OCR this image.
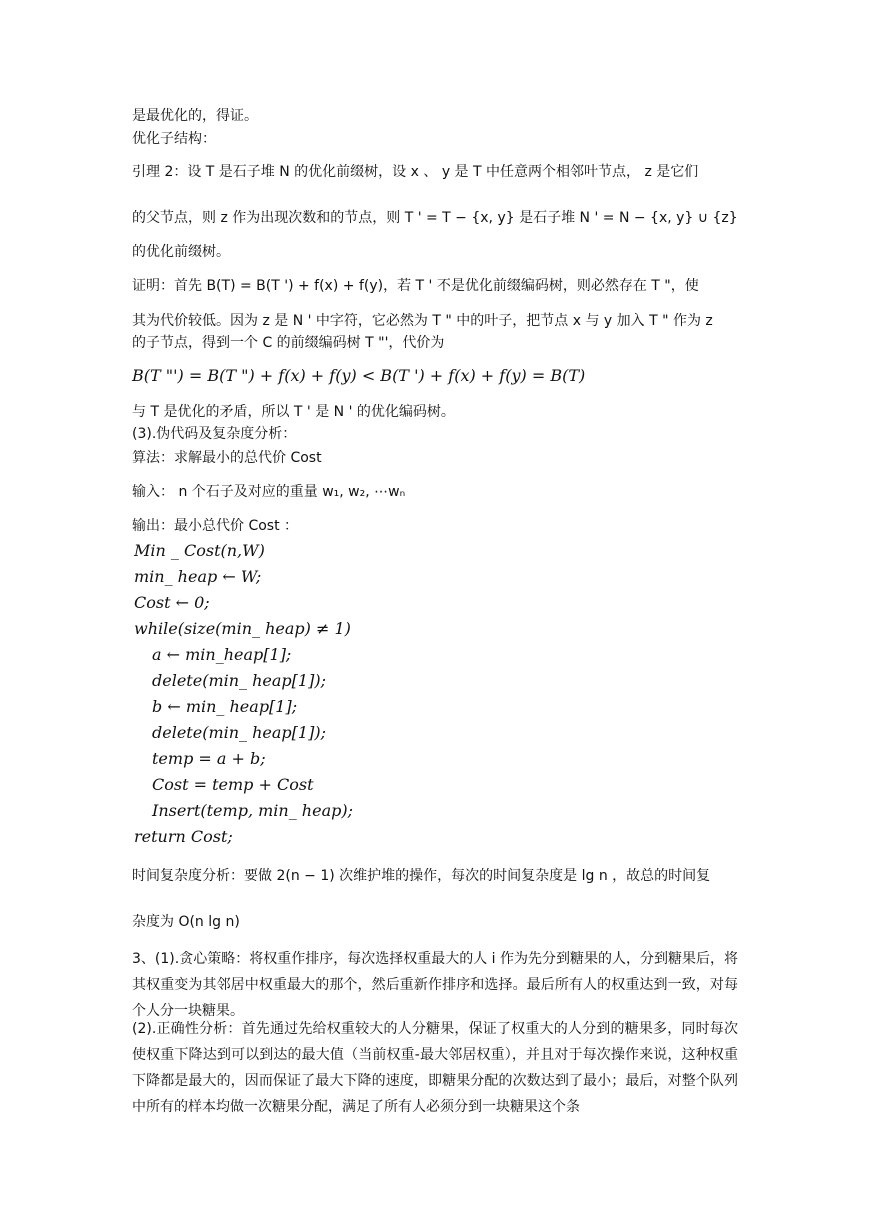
是最优化的，得证。
优化子结构：
引理 2：设 T 是石子堆 N 的优化前缀树，设 x 、 y 是 T 中任意两个相邻叶节点， z 是它们
的父节点，则 z 作为出现次数和的节点，则 T ' = T − {x, y} 是石子堆 N ' = N − {x, y} ∪ {z}
的优化前缀树。
证明：首先 B(T) = B(T ') + f(x) + f(y)，若 T ' 不是优化前缀编码树，则必然存在 T "，使
其为代价较低。因为 z 是 N ' 中字符，它必然为 T " 中的叶子，把节点 x 与 y 加入 T " 作为 z
的子节点，得到一个 C 的前缀编码树 T "'，代价为
B(T "') = B(T ") + f(x) + f(y) < B(T ') + f(x) + f(y) = B(T)
与 T 是优化的矛盾，所以 T ' 是 N ' 的优化编码树。
(3).伪代码及复杂度分析：
算法：求解最小的总代价 Cost
输入： n 个石子及对应的重量 w₁, w₂, ⋯wₙ
输出：最小总代价 Cost ：
Min _ Cost(n,W)
min_ heap ← W;
Cost ← 0;
while(size(min_ heap) ≠ 1)
a ← min_heap[1];
delete(min_ heap[1]);
b ← min_ heap[1];
delete(min_ heap[1]);
temp = a + b;
Cost = temp + Cost
Insert(temp, min_ heap);
return Cost;
时间复杂度分析：要做 2(n − 1) 次维护堆的操作，每次的时间复杂度是 lg n ，故总的时间复
杂度为 O(n lg n)
3、(1).贪心策略：将权重作排序，每次选择权重最大的人 i 作为先分到糖果的人，分到糖果后，将其权重变为其邻居中权重最大的那个，然后重新作排序和选择。最后所有人的权重达到一致，对每个人分一块糖果。
(2).正确性分析：首先通过先给权重较大的人分糖果，保证了权重大的人分到的糖果多，同时每次使权重下降达到可以到达的最大值（当前权重-最大邻居权重），并且对于每次操作来说，这种权重下降都是最大的，因而保证了最大下降的速度，即糖果分配的次数达到了最小；最后，对整个队列中所有的样本均做一次糖果分配，满足了所有人必须分到一块糖果这个条
